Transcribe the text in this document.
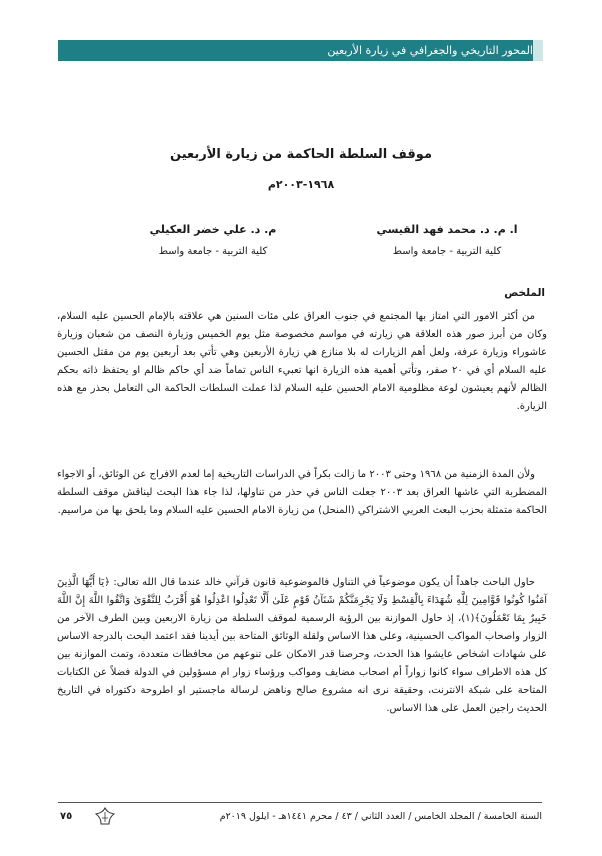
المحور التاريخي والجغرافي في زيارة الأربعين
موقف السلطة الحاكمة من زيارة الأربعين
١٩٦٨-٢٠٠٣م
ا. م. د. محمد فهد القيسي
كلية التربية - جامعة واسط
م. د. علي خضر العكيلي
كلية التربية - جامعة واسط
الملخص

من أكثر الامور التي امتاز بها المجتمع في جنوب العراق على مئات السنين هي علاقته بالإمام الحسين عليه السلام، وكان من أبرز صور هذه العلاقة هي زيارته في مواسم مخصوصة مثل يوم الخميس وزيارة النصف من شعبان وزيارة عاشوراء وزيارة عرفة، ولعل أهم الزيارات له بلا منازع هي زيارة الأربعين وهي تأتي بعد أربعين يوم من مقتل الحسين عليه السلام أي في ٢٠ صفر، وتأتي أهمية هذه الزيارة انها تعبيء الناس تماماً ضد أي حاكم ظالم او يحتفظ ذاته بحكم الظالم لأنهم يعيشون لوعة مظلومية الامام الحسين عليه السلام لذا عملت السلطات الحاكمة الى التعامل بحذر مع هذه الزيارة.

ولأن المدة الزمنية من ١٩٦٨ وحتى ٢٠٠٣ ما زالت بكراً في الدراسات التاريخية إما لعدم الافراج عن الوثائق، أو الاجواء المضطربة التي عاشها العراق بعد ٢٠٠٣ جعلت الناس في حذر من تناولها، لذا جاء هذا البحث ليناقش موقف السلطة الحاكمة متمثلة بحزب البعث العربي الاشتراكي (المنحل) من زيارة الامام الحسين عليه السلام وما يلحق بها من مراسيم.

حاول الباحث جاهداً أن يكون موضوعياً في التناول فالموضوعية قانون قرآني خالد عندما قال الله تعالى: ﴿يَا أَيُّهَا الَّذِينَ آمَنُوا كُونُوا قَوَّامِينَ لِلَّهِ شُهَدَاءَ بِالْقِسْطِ وَلَا يَجْرِمَنَّكُمْ شَنَآنُ قَوْمٍ عَلَىٰ أَلَّا تَعْدِلُوا اعْدِلُوا هُوَ أَقْرَبُ لِلتَّقْوَىٰ وَاتَّقُوا اللَّهَ إِنَّ اللَّهَ خَبِيرٌ بِمَا تَعْمَلُونَ﴾(١)، إذ حاول الموازنة بين الرؤية الرسمية لموقف السلطة من زيارة الاربعين وبين الطرف الآخر من الزوار واصحاب المواكب الحسينية، وعلى هذا الاساس ولقلة الوثائق المتاحة بين أيدينا فقد اعتمد البحث بالدرجة الاساس على شهادات اشخاص عايشوا هذا الحدث، وحرصنا قدر الامكان على تنوعهم من محافظات متعددة، وتمت الموازنة بين كل هذه الاطراف سواء كانوا زواراً أم اصحاب مضايف ومواكب ورؤساء زوار ام مسؤولين في الدولة فضلاً عن الكتابات المتاحة على شبكة الانترنت، وحقيقة نرى انه مشروع صالح وناهض لرسالة ماجستير او اطروحة دكتوراه في التاريخ الحديث راجين العمل على هذا الاساس.

السنة الخامسة / المجلد الخامس / العدد الثاني / ٤٣ / محرم ١٤٤١هـ - ايلول ٢٠١٩م
٧٥
